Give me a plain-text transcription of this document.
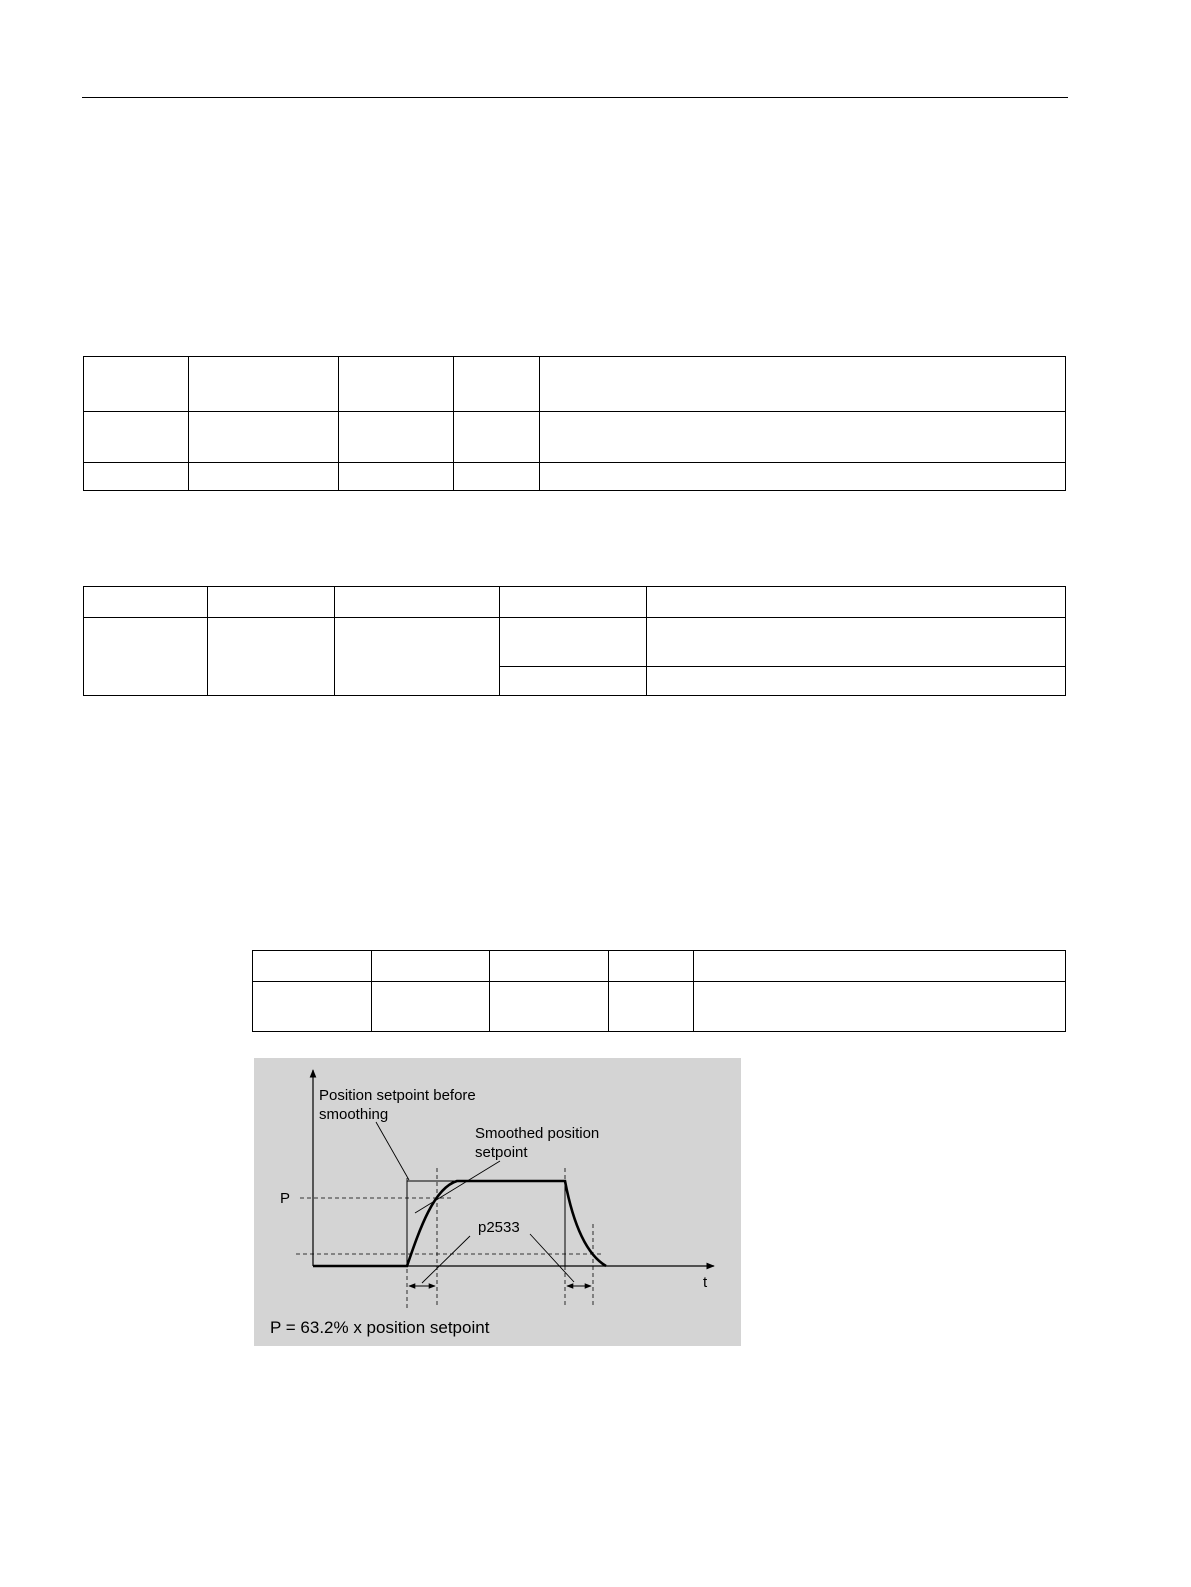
Position setpoint before
smoothing
Smoothed position
setpoint
P
p2533
t
P = 63.2% x position setpoint
